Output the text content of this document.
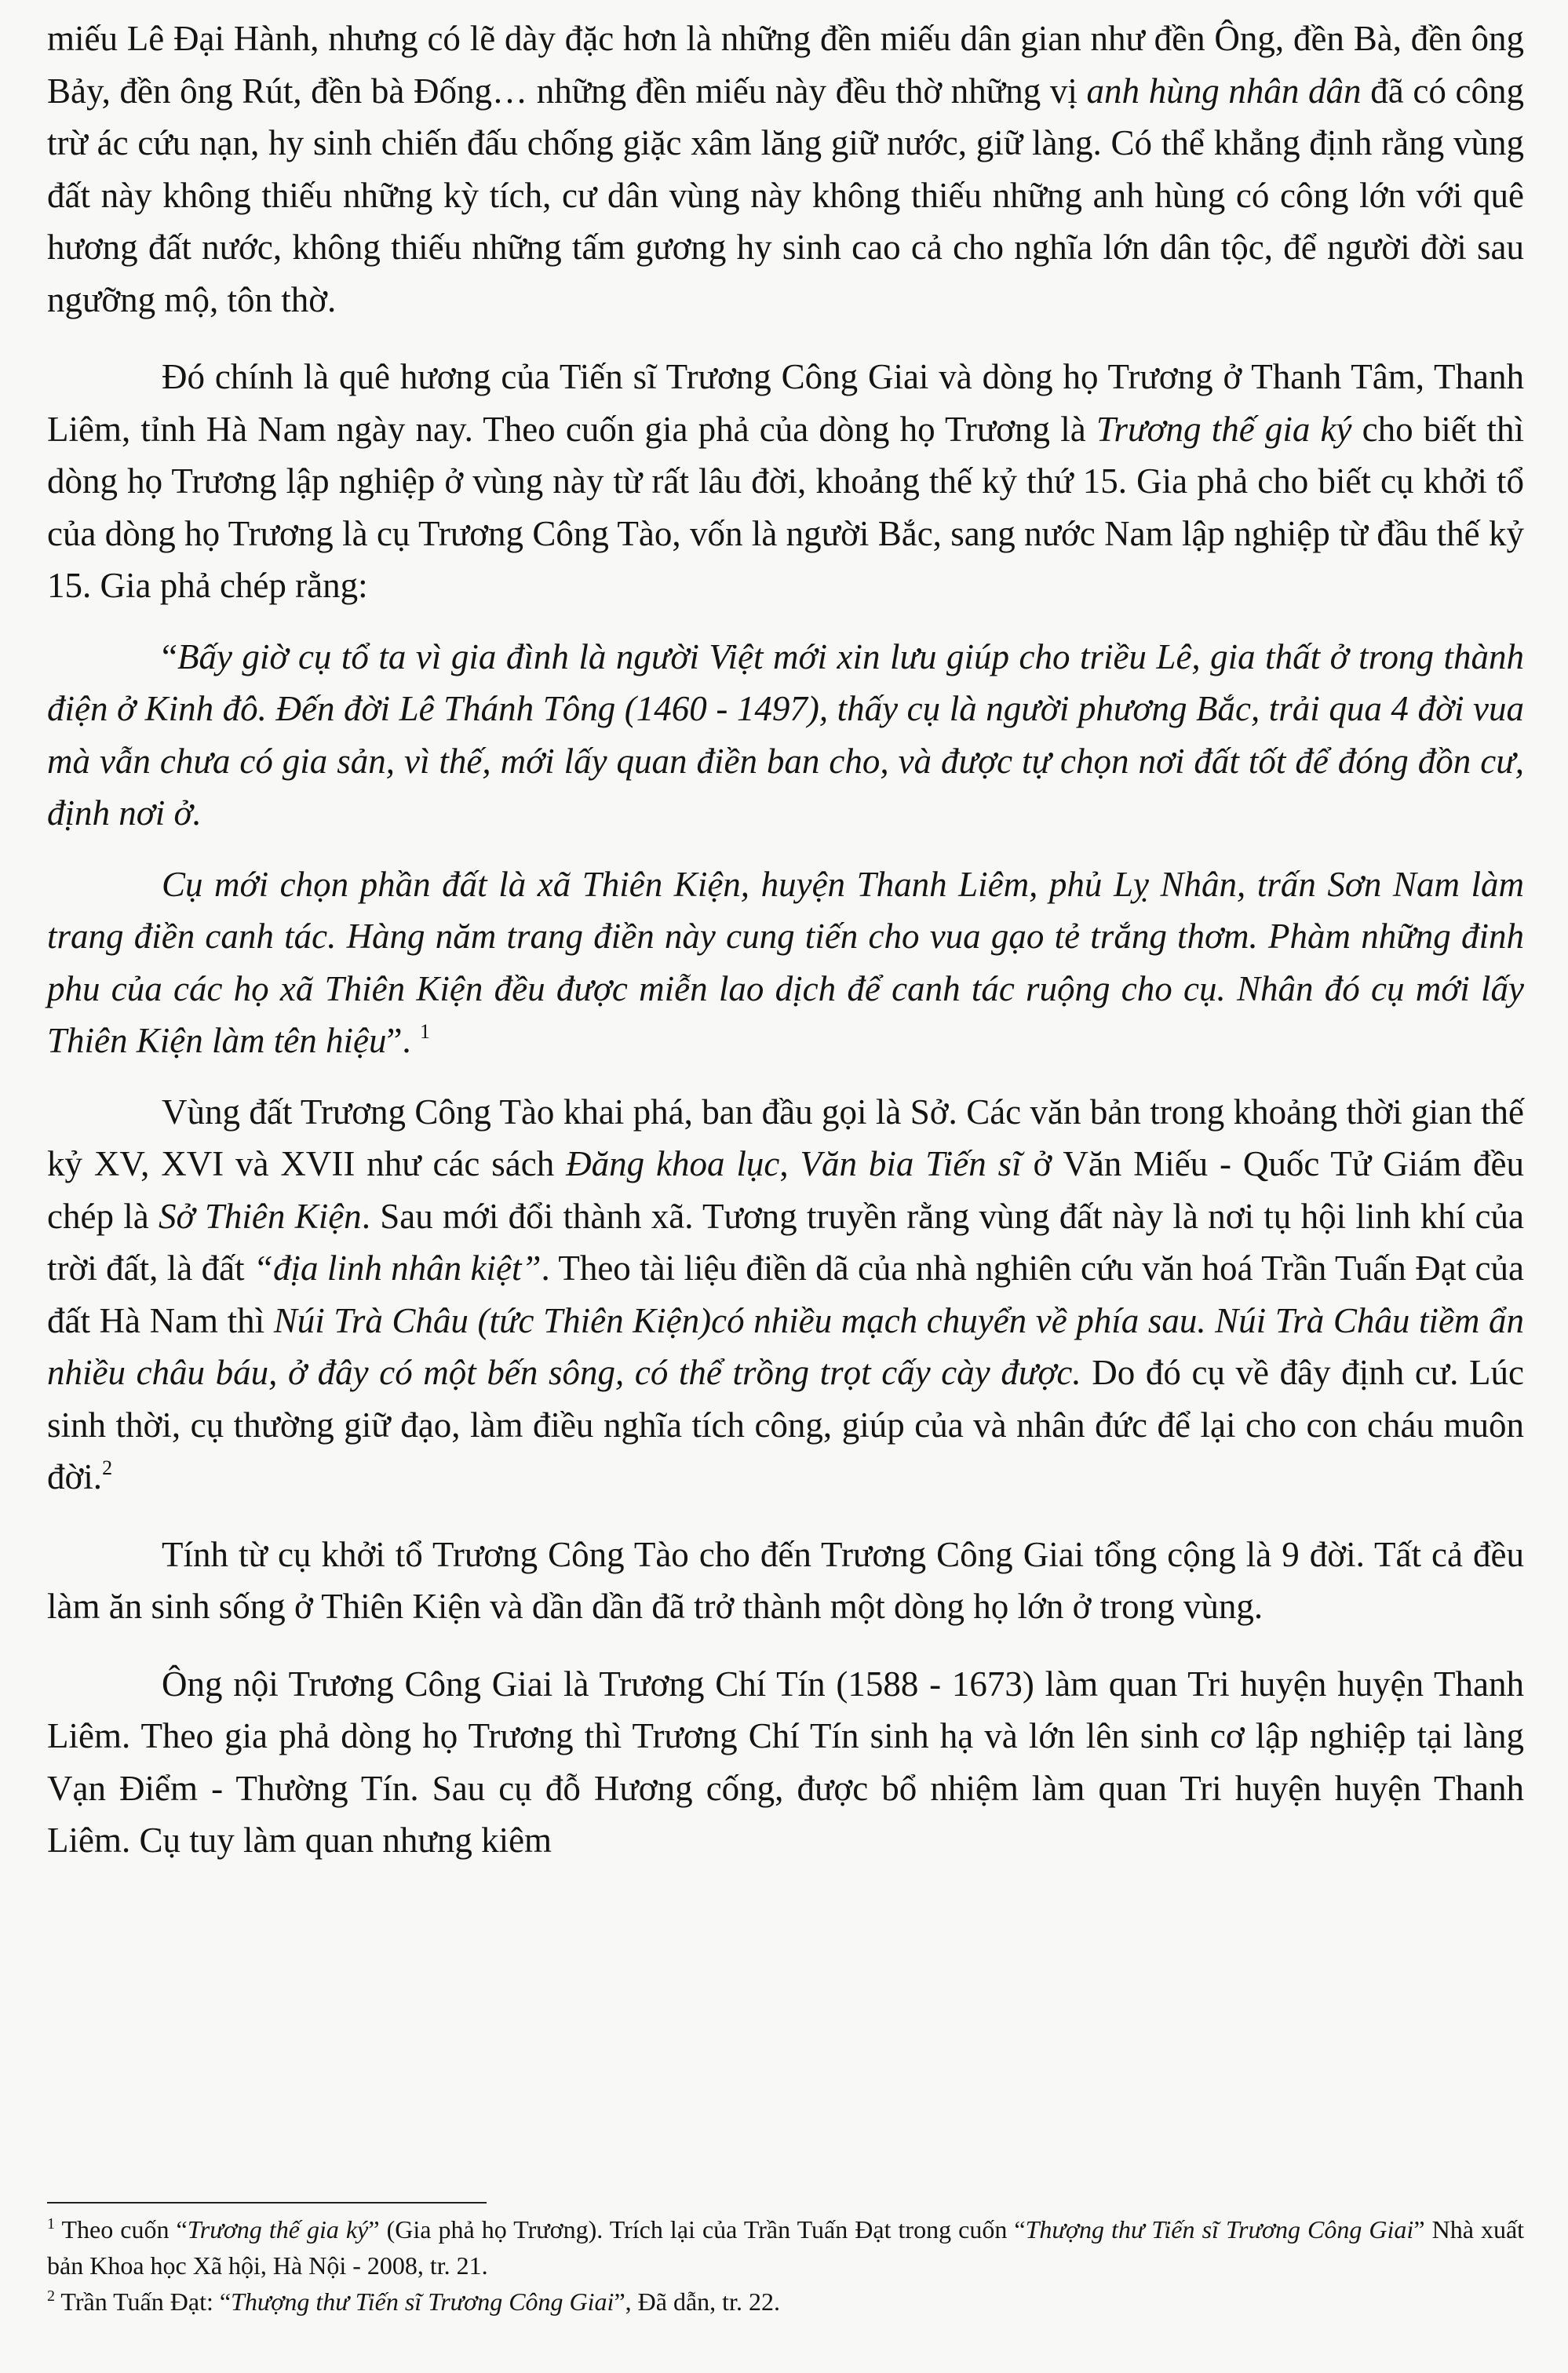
miếu Lê Đại Hành, nhưng có lẽ dày đặc hơn là những đền miếu dân gian như đền Ông, đền Bà, đền ông Bảy, đền ông Rút, đền bà Đống… những đền miếu này đều thờ những vị anh hùng nhân dân đã có công trừ ác cứu nạn, hy sinh chiến đấu chống giặc xâm lăng giữ nước, giữ làng. Có thể khẳng định rằng vùng đất này không thiếu những kỳ tích, cư dân vùng này không thiếu những anh hùng có công lớn với quê hương đất nước, không thiếu những tấm gương hy sinh cao cả cho nghĩa lớn dân tộc, để người đời sau ngưỡng mộ, tôn thờ.

Đó chính là quê hương của Tiến sĩ Trương Công Giai và dòng họ Trương ở Thanh Tâm, Thanh Liêm, tỉnh Hà Nam ngày nay. Theo cuốn gia phả của dòng họ Trương là Trương thế gia ký cho biết thì dòng họ Trương lập nghiệp ở vùng này từ rất lâu đời, khoảng thế kỷ thứ 15. Gia phả cho biết cụ khởi tổ của dòng họ Trương là cụ Trương Công Tào, vốn là người Bắc, sang nước Nam lập nghiệp từ đầu thế kỷ 15. Gia phả chép rằng:

“Bấy giờ cụ tổ ta vì gia đình là người Việt mới xin lưu giúp cho triều Lê, gia thất ở trong thành điện ở Kinh đô. Đến đời Lê Thánh Tông (1460 - 1497), thấy cụ là người phương Bắc, trải qua 4 đời vua mà vẫn chưa có gia sản, vì thế, mới lấy quan điền ban cho, và được tự chọn nơi đất tốt để đóng đồn cư, định nơi ở.

Cụ mới chọn phần đất là xã Thiên Kiện, huyện Thanh Liêm, phủ Lỵ Nhân, trấn Sơn Nam làm trang điền canh tác. Hàng năm trang điền này cung tiến cho vua gạo tẻ trắng thơm. Phàm những đinh phu của các họ xã Thiên Kiện đều được miễn lao dịch để canh tác ruộng cho cụ. Nhân đó cụ mới lấy Thiên Kiện làm tên hiệu”. $^1$

Vùng đất Trương Công Tào khai phá, ban đầu gọi là Sở. Các văn bản trong khoảng thời gian thế kỷ XV, XVI và XVII như các sách Đăng khoa lục, Văn bia Tiến sĩ ở Văn Miếu - Quốc Tử Giám đều chép là Sở Thiên Kiện. Sau mới đổi thành xã. Tương truyền rằng vùng đất này là nơi tụ hội linh khí của trời đất, là đất “địa linh nhân kiệt”. Theo tài liệu điền dã của nhà nghiên cứu văn hoá Trần Tuấn Đạt của đất Hà Nam thì Núi Trà Châu (tức Thiên Kiện)có nhiều mạch chuyển về phía sau. Núi Trà Châu tiềm ẩn nhiều châu báu, ở đây có một bến sông, có thể trồng trọt cấy cày được. Do đó cụ về đây định cư. Lúc sinh thời, cụ thường giữ đạo, làm điều nghĩa tích công, giúp của và nhân đức để lại cho con cháu muôn đời.$^2$

Tính từ cụ khởi tổ Trương Công Tào cho đến Trương Công Giai tổng cộng là 9 đời. Tất cả đều làm ăn sinh sống ở Thiên Kiện và dần dần đã trở thành một dòng họ lớn ở trong vùng.

Ông nội Trương Công Giai là Trương Chí Tín (1588 - 1673) làm quan Tri huyện huyện Thanh Liêm. Theo gia phả dòng họ Trương thì Trương Chí Tín sinh hạ và lớn lên sinh cơ lập nghiệp tại làng Vạn Điểm - Thường Tín. Sau cụ đỗ Hương cống, được bổ nhiệm làm quan Tri huyện huyện Thanh Liêm. Cụ tuy làm quan nhưng kiêm

$^1$ Theo cuốn “Trương thế gia ký” (Gia phả họ Trương). Trích lại của Trần Tuấn Đạt trong cuốn “Thượng thư Tiến sĩ Trương Công Giai” Nhà xuất bản Khoa học Xã hội, Hà Nội - 2008, tr. 21.

$^2$ Trần Tuấn Đạt: “Thượng thư Tiến sĩ Trương Công Giai”, Đã dẫn, tr. 22.
